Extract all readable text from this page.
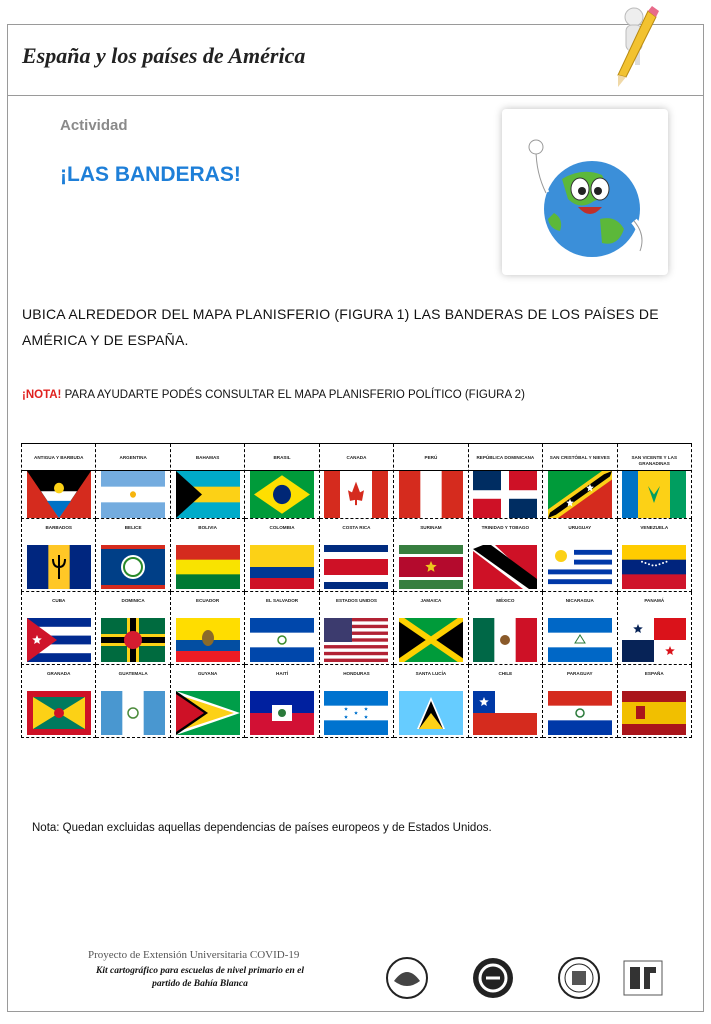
España y los países de América
Actividad
¡LAS BANDERAS!
UBICA ALREDEDOR DEL MAPA PLANISFERIO (FIGURA 1) LAS BANDERAS DE LOS PAÍSES DE AMÉRICA Y DE ESPAÑA.
¡NOTA! PARA AYUDARTE PODÉS CONSULTAR EL MAPA PLANISFERIO POLÍTICO (FIGURA 2)
ANTIGUA Y BARBUDA	ARGENTINA	BAHAMAS	BRASIL	CANADA	PERÚ	REPÚBLICA DOMINICANA	SAN CRISTÓBAL Y NIEVES	SAN VICENTE Y LAS GRANADINAS

BARBADOS	BELICE	BOLIVIA	COLOMBIA	COSTA RICA	SURINAM	TRINIDAD Y TOBAGO	URUGUAY	VENEZUELA

CUBA	DOMINICA	ECUADOR	EL SALVADOR	ESTADOS UNIDOS	JAMAICA	MÉXICO	NICARAGUA	PANAMÁ

GRANADA	GUATEMALA	GUYANA	HAITÍ	HONDURAS	SANTA LUCÍA	CHILE	PARAGUAY	ESPAÑA
Nota: Quedan excluidas aquellas dependencias de países europeos y de Estados Unidos.
Proyecto de Extensión Universitaria COVID-19
Kit cartográfico para escuelas de nivel primario en el partido de Bahía Blanca
